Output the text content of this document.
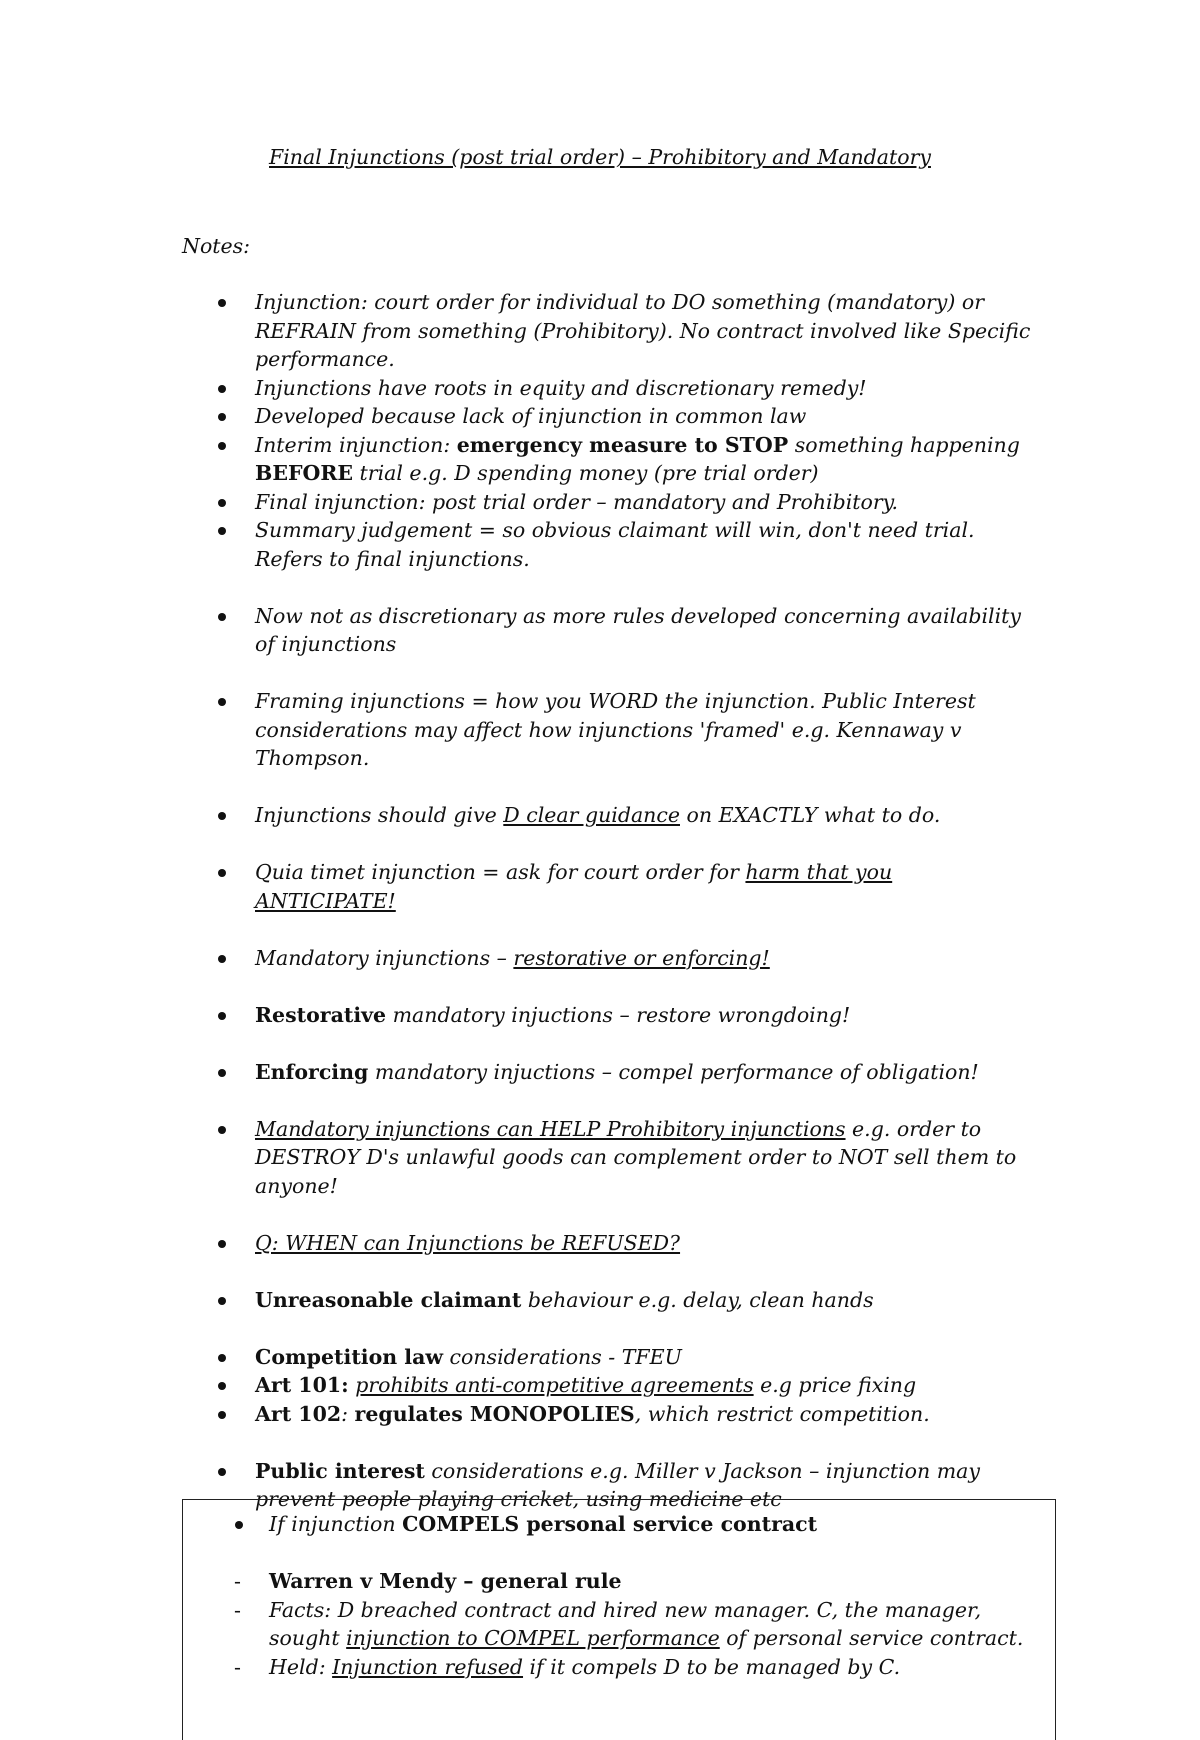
Final Injunctions (post trial order) – Prohibitory and Mandatory
Notes:
Injunction: court order for individual to DO something (mandatory) or REFRAIN from something (Prohibitory). No contract involved like Specific performance.
Injunctions have roots in equity and discretionary remedy!
Developed because lack of injunction in common law
Interim injunction: emergency measure to STOP something happening BEFORE trial e.g. D spending money (pre trial order)
Final injunction: post trial order – mandatory and Prohibitory.
Summary judgement = so obvious claimant will win, don't need trial. Refers to final injunctions.
Now not as discretionary as more rules developed concerning availability of injunctions
Framing injunctions = how you WORD the injunction. Public Interest considerations may affect how injunctions 'framed' e.g. Kennaway v Thompson.
Injunctions should give D clear guidance on EXACTLY what to do.
Quia timet injunction = ask for court order for harm that you ANTICIPATE!
Mandatory injunctions – restorative or enforcing!
Restorative mandatory injuctions – restore wrongdoing!
Enforcing mandatory injuctions – compel performance of obligation!
Mandatory injunctions can HELP Prohibitory injunctions e.g. order to DESTROY D's unlawful goods can complement order to NOT sell them to anyone!
Q: WHEN can Injunctions be REFUSED?
Unreasonable claimant behaviour e.g. delay, clean hands
Competition law considerations - TFEU
Art 101: prohibits anti-competitive agreements e.g price fixing
Art 102: regulates MONOPOLIES, which restrict competition.
Public interest considerations e.g. Miller v Jackson – injunction may prevent people playing cricket, using medicine etc
If injunction COMPELS personal service contract
- Warren v Mendy – general rule
- Facts: D breached contract and hired new manager. C, the manager, sought injunction to COMPEL performance of personal service contract.
- Held: Injunction refused if it compels D to be managed by C.
